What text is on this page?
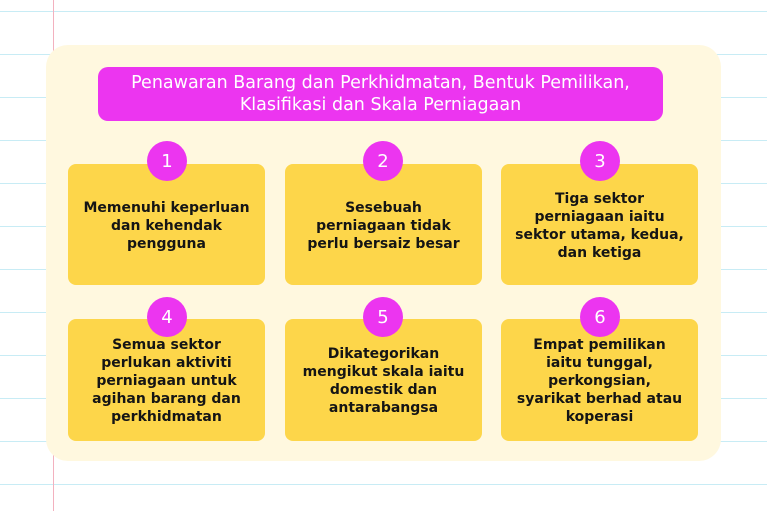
Penawaran Barang dan Perkhidmatan, Bentuk Pemilikan, Klasifikasi dan Skala Perniagaan
Memenuhi keperluan dan kehendak pengguna
1
Sesebuah perniagaan tidak perlu bersaiz besar
2
Tiga sektor perniagaan iaitu sektor utama, kedua, dan ketiga
3
Semua sektor perlukan aktiviti perniagaan untuk agihan barang dan perkhidmatan
4
Dikategorikan mengikut skala iaitu domestik dan antarabangsa
5
Empat pemilikan iaitu tunggal, perkongsian, syarikat berhad atau koperasi
6
